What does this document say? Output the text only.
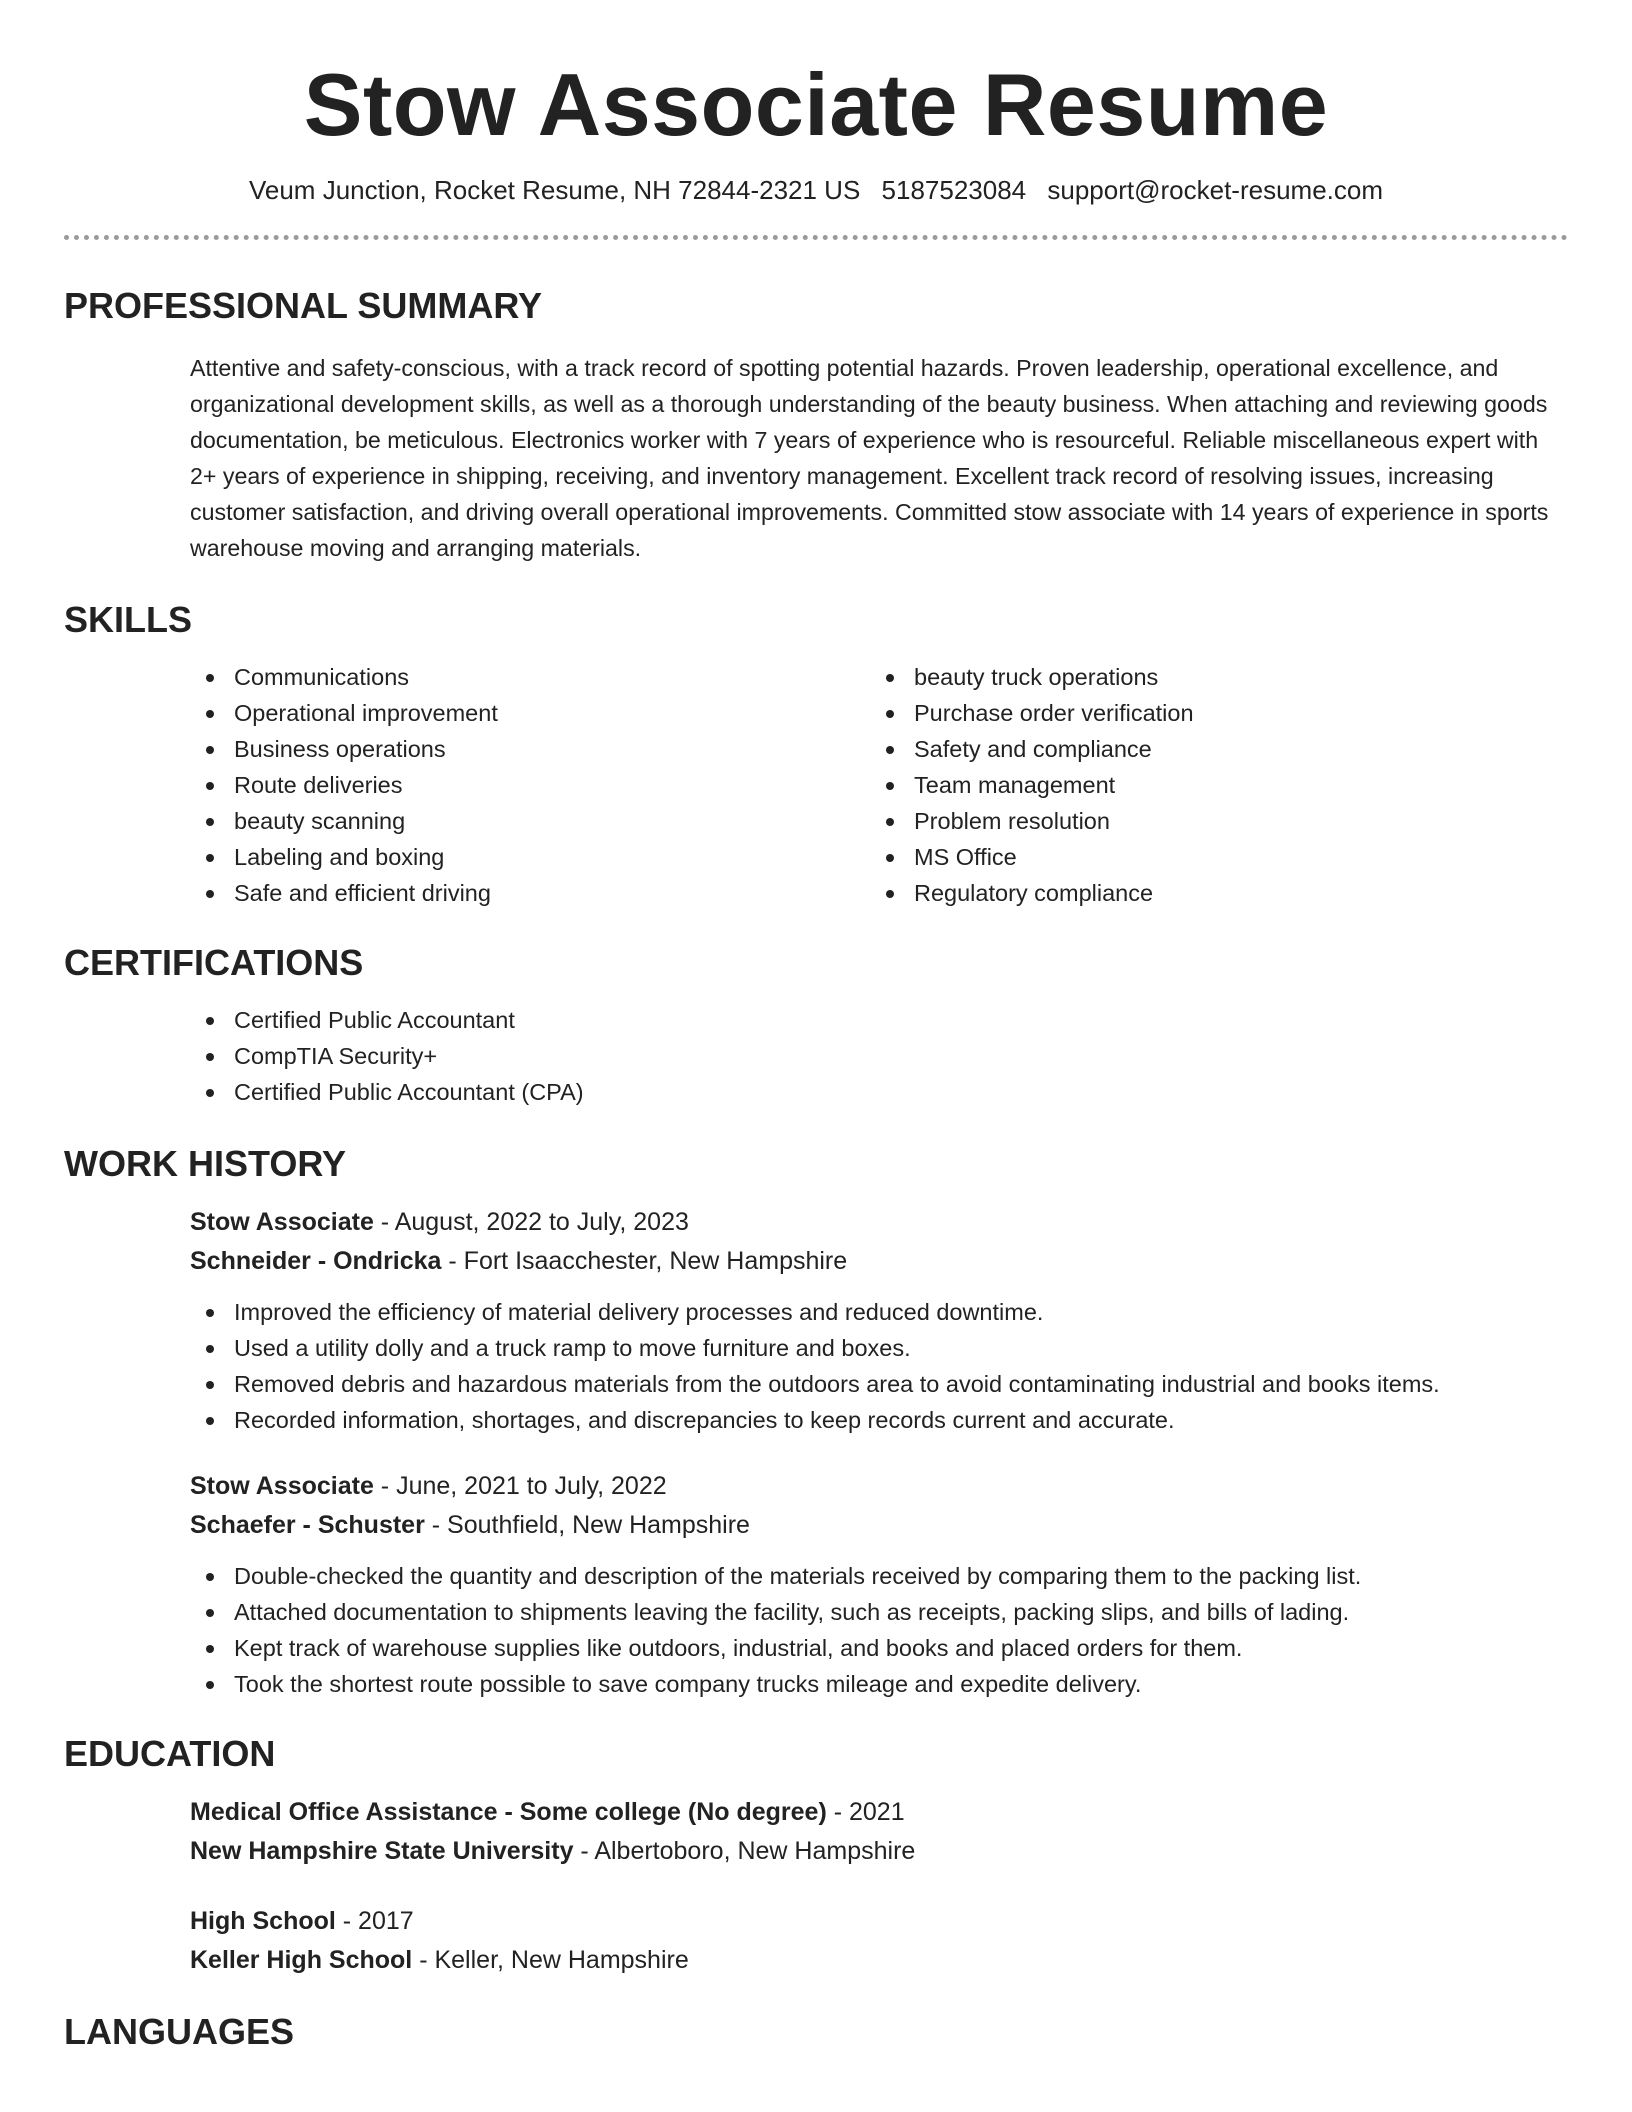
Stow Associate Resume
Veum Junction, Rocket Resume, NH 72844-2321 US 5187523084 support@rocket-resume.com
PROFESSIONAL SUMMARY

Attentive and safety-conscious, with a track record of spotting potential hazards. Proven leadership, operational excellence, and organizational development skills, as well as a thorough understanding of the beauty business. When attaching and reviewing goods documentation, be meticulous. Electronics worker with 7 years of experience who is resourceful. Reliable miscellaneous expert with 2+ years of experience in shipping, receiving, and inventory management. Excellent track record of resolving issues, increasing customer satisfaction, and driving overall operational improvements. Committed stow associate with 14 years of experience in sports warehouse moving and arranging materials.

SKILLS
Communications
Operational improvement
Business operations
Route deliveries
beauty scanning
Labeling and boxing
Safe and efficient driving
beauty truck operations
Purchase order verification
Safety and compliance
Team management
Problem resolution
MS Office
Regulatory compliance
CERTIFICATIONS
Certified Public Accountant
CompTIA Security+
Certified Public Accountant (CPA)
WORK HISTORY
Stow Associate - August, 2022 to July, 2023
Schneider - Ondricka - Fort Isaacchester, New Hampshire
Improved the efficiency of material delivery processes and reduced downtime.
Used a utility dolly and a truck ramp to move furniture and boxes.
Removed debris and hazardous materials from the outdoors area to avoid contaminating industrial and books items.
Recorded information, shortages, and discrepancies to keep records current and accurate.
Stow Associate - June, 2021 to July, 2022
Schaefer - Schuster - Southfield, New Hampshire
Double-checked the quantity and description of the materials received by comparing them to the packing list.
Attached documentation to shipments leaving the facility, such as receipts, packing slips, and bills of lading.
Kept track of warehouse supplies like outdoors, industrial, and books and placed orders for them.
Took the shortest route possible to save company trucks mileage and expedite delivery.
EDUCATION
Medical Office Assistance - Some college (No degree) - 2021
New Hampshire State University - Albertoboro, New Hampshire
High School - 2017
Keller High School - Keller, New Hampshire
LANGUAGES
